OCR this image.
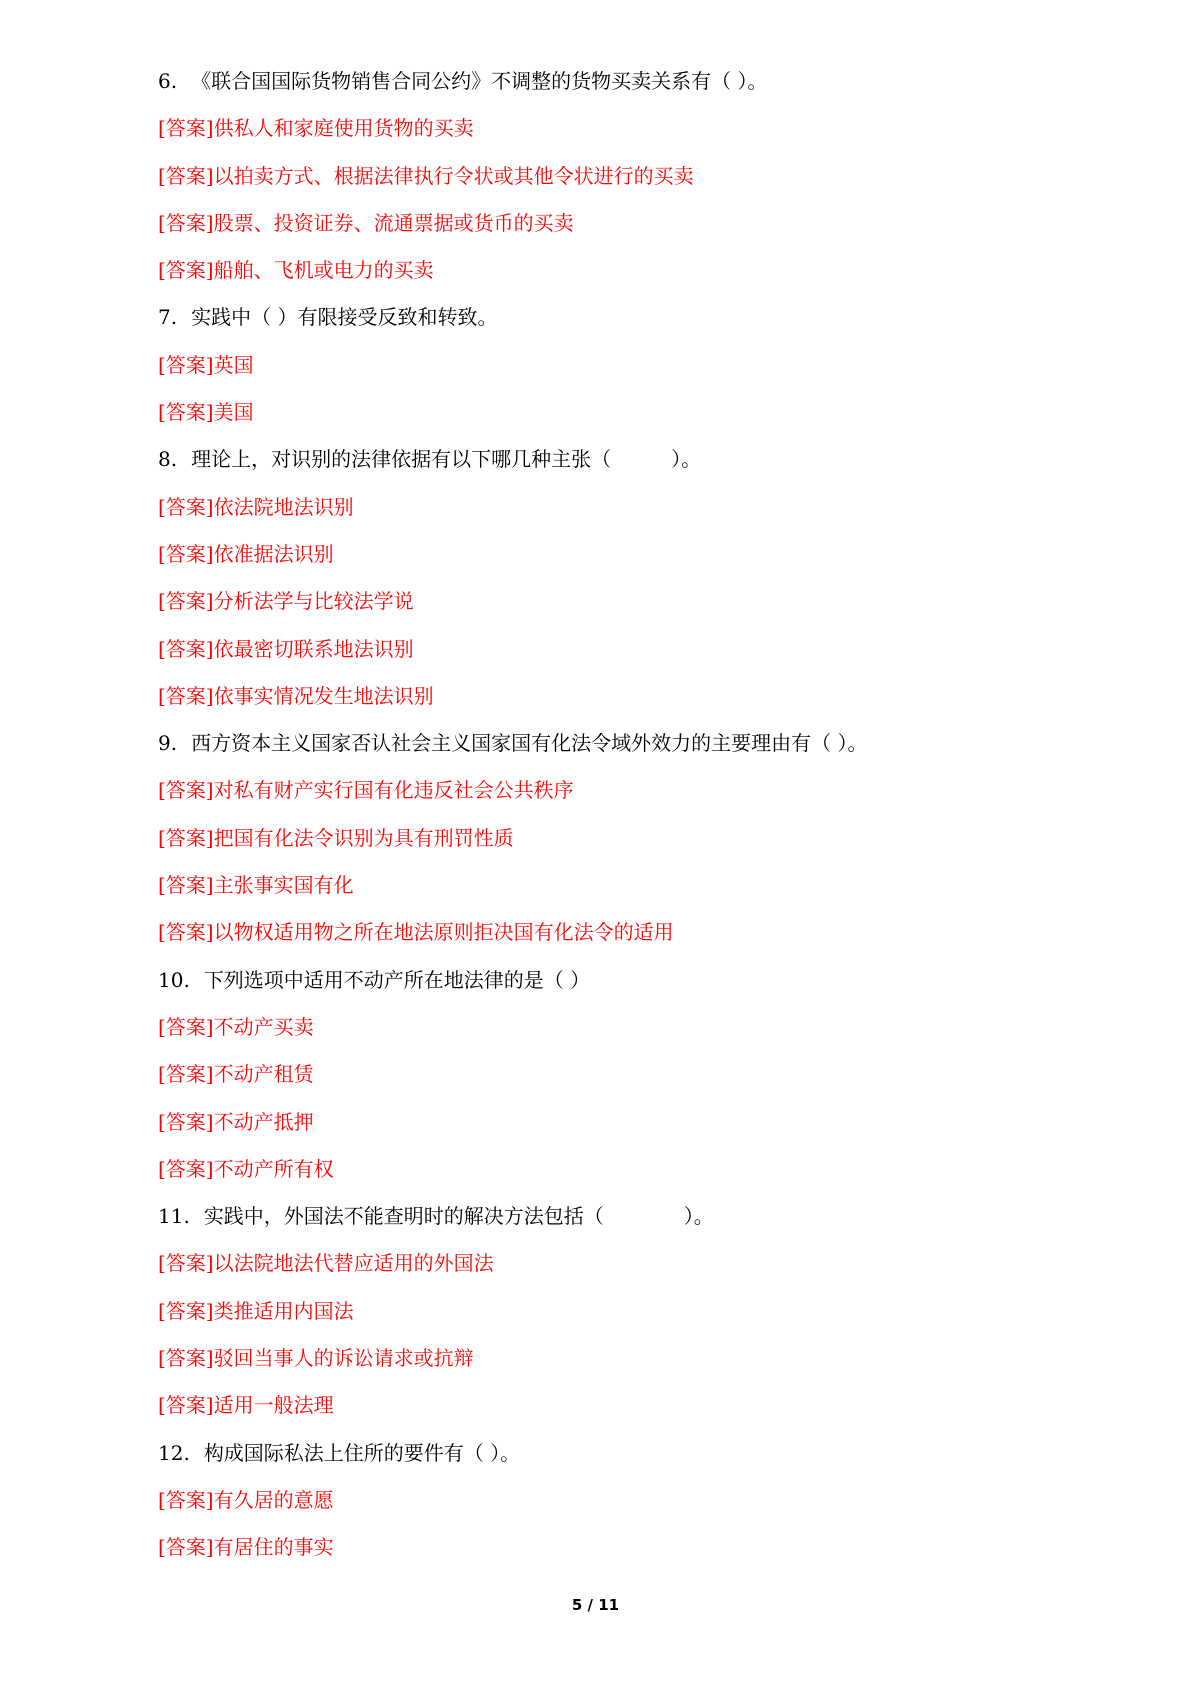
6. 《联合国国际货物销售合同公约》不调整的货物买卖关系有（ ）。
[答案]供私人和家庭使用货物的买卖
[答案]以拍卖方式、根据法律执行令状或其他令状进行的买卖
[答案]股票、投资证券、流通票据或货币的买卖
[答案]船舶、飞机或电力的买卖
7. 实践中（ ）有限接受反致和转致。
[答案]英国
[答案]美国
8. 理论上，对识别的法律依据有以下哪几种主张（　　　）。
[答案]依法院地法识别
[答案]依准据法识别
[答案]分析法学与比较法学说
[答案]依最密切联系地法识别
[答案]依事实情况发生地法识别
9. 西方资本主义国家否认社会主义国家国有化法令域外效力的主要理由有（ ）。
[答案]对私有财产实行国有化违反社会公共秩序
[答案]把国有化法令识别为具有刑罚性质
[答案]主张事实国有化
[答案]以物权适用物之所在地法原则拒决国有化法令的适用
10. 下列选项中适用不动产所在地法律的是（ ）
[答案]不动产买卖
[答案]不动产租赁
[答案]不动产抵押
[答案]不动产所有权
11. 实践中，外国法不能查明时的解决方法包括（　　　　）。
[答案]以法院地法代替应适用的外国法
[答案]类推适用内国法
[答案]驳回当事人的诉讼请求或抗辩
[答案]适用一般法理
12. 构成国际私法上住所的要件有（ ）。
[答案]有久居的意愿
[答案]有居住的事实
5 / 11
